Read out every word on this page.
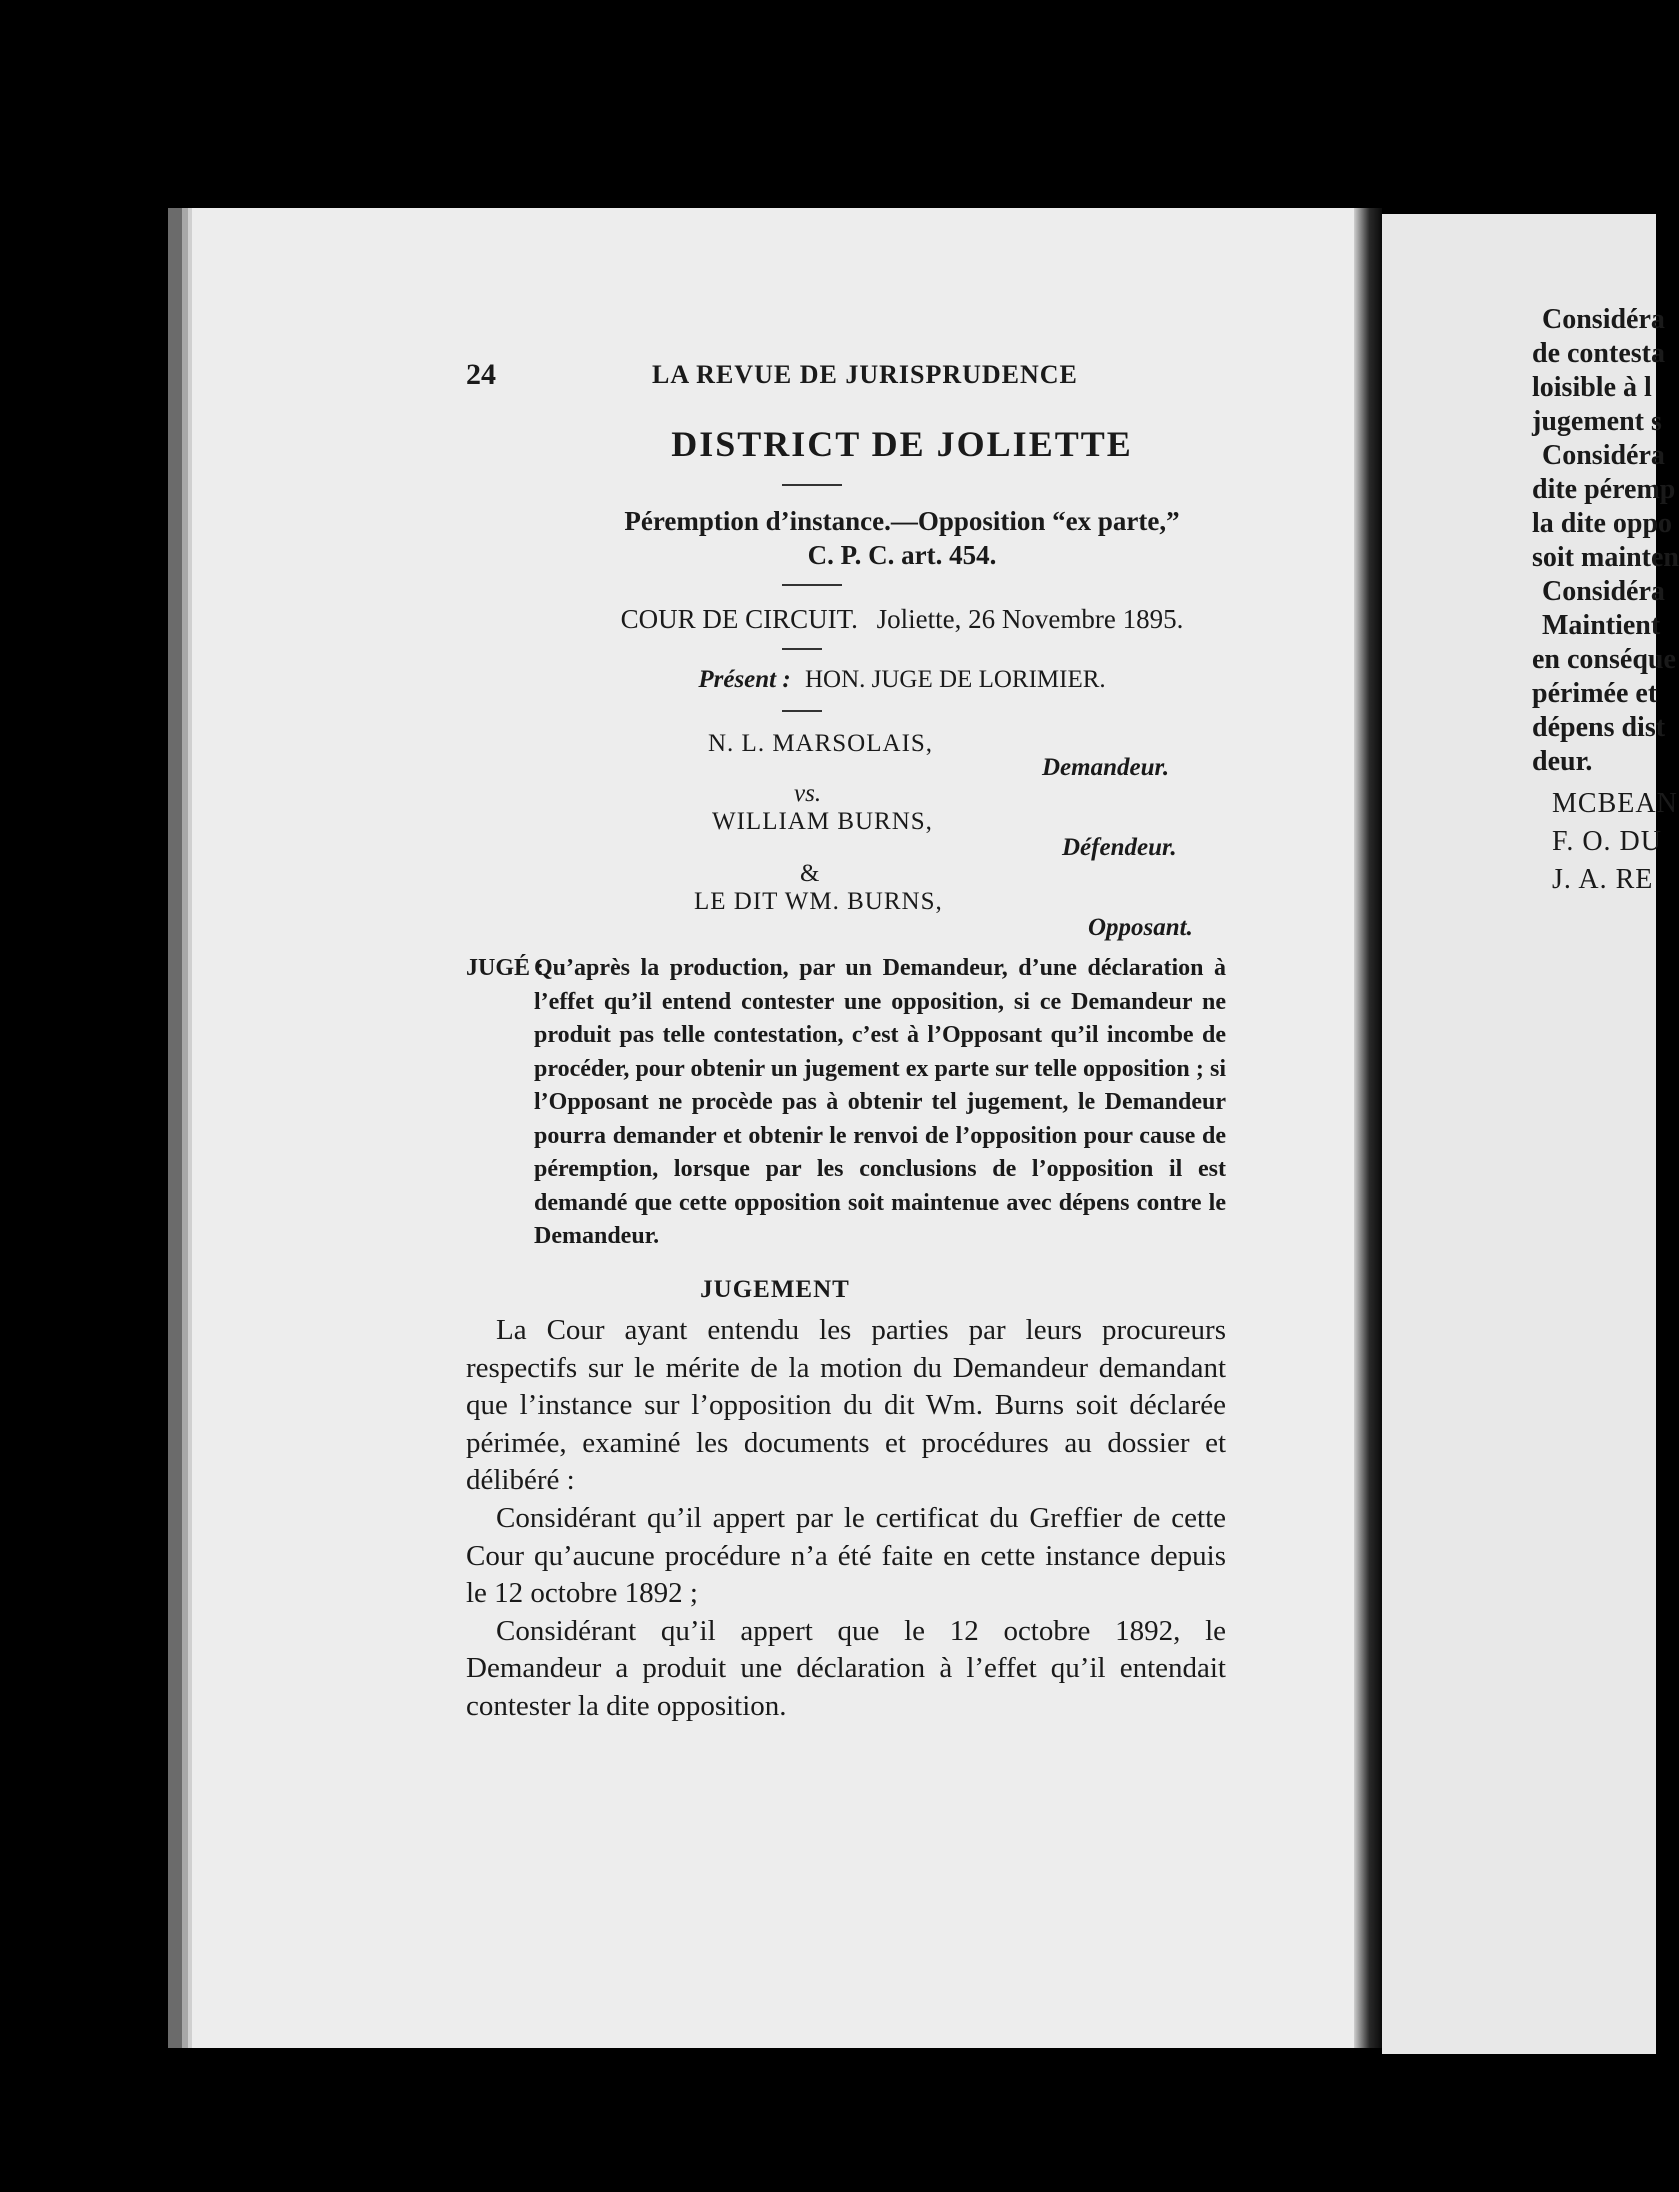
24	LA REVUE DE JURISPRUDENCE
DISTRICT DE JOLIETTE
Péremption d’instance.—Opposition “ex parte,”
C. P. C. art. 454.
COUR DE CIRCUIT. Joliette, 26 Novembre 1895.
Présent : HON. JUGE DE LORIMIER.
N. L. MARSOLAIS,
Demandeur.
vs.
WILLIAM BURNS,
Défendeur.
&
LE DIT WM. BURNS,
Opposant.
JUGÉ :
Qu’après la production, par un Demandeur, d’une déclaration à l’effet qu’il entend contester une opposition, si ce Demandeur ne produit pas telle contestation, c’est à l’Opposant qu’il incombe de procéder, pour obtenir un jugement ex parte sur telle opposition ; si l’Opposant ne procède pas à obtenir tel jugement, le Demandeur pourra demander et obtenir le renvoi de l’opposition pour cause de péremption, lorsque par les conclusions de l’opposition il est demandé que cette opposition soit maintenue avec dépens contre le Demandeur.
JUGEMENT

La Cour ayant entendu les parties par leurs procureurs respectifs sur le mérite de la motion du Demandeur demandant que l’instance sur l’opposition du dit Wm. Burns soit déclarée périmée, examiné les documents et procédures au dossier et délibéré :

Considérant qu’il appert par le certificat du Greffier de cette Cour qu’aucune procédure n’a été faite en cette instance depuis le 12 octobre 1892 ;

Considérant qu’il appert que le 12 octobre 1892, le Demandeur a produit une déclaration à l’effet qu’il entendait contester la dite opposition.

Considéra
de contesta
loisible à l
jugement s
Considéra
dite péremp
la dite oppo
soit mainten
Considéra
Maintient
en conséque
périmée et
dépens dist
deur.
MCBEAN
F. O. DU
J. A. RE
